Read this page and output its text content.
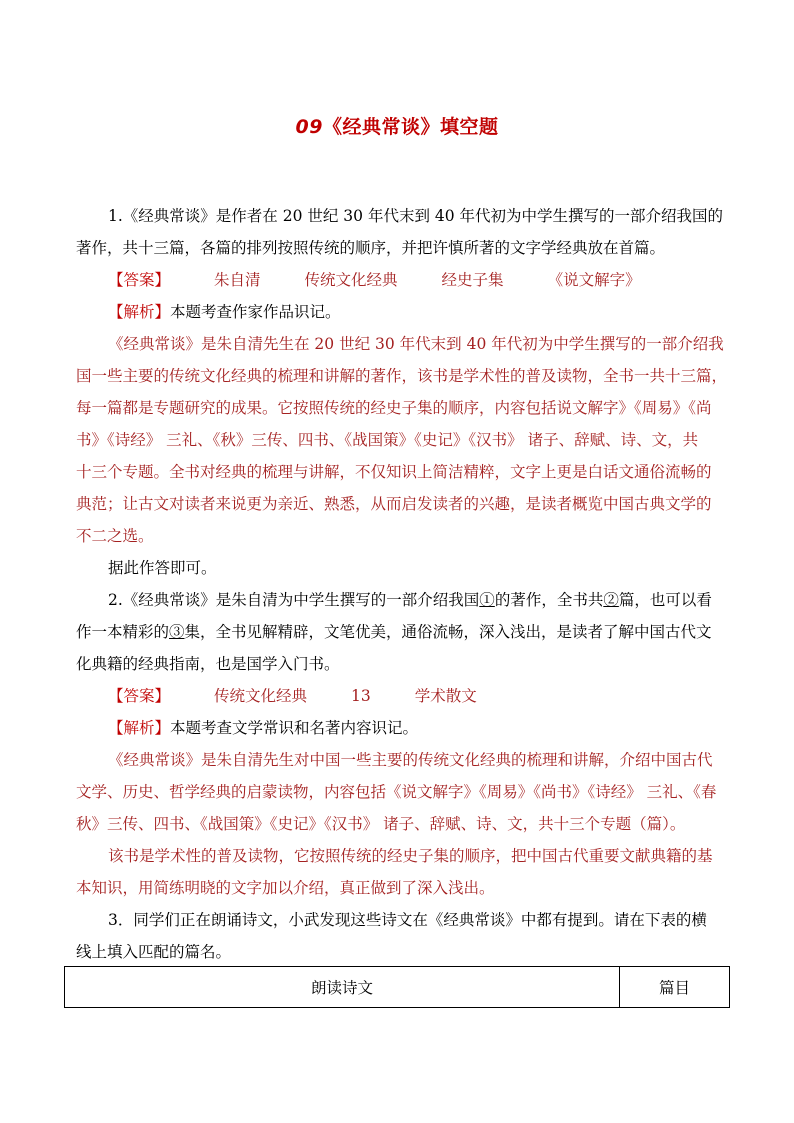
09《经典常谈》填空题
1.《经典常谈》是作者在 20 世纪 30 年代末到 40 年代初为中学生撰写的一部介绍我国的
著作，共十三篇，各篇的排列按照传统的顺序，并把许慎所著的文字学经典放在首篇。
【答案】	朱自清	传统文化经典	经史子集	《说文解字》
【解析】本题考查作家作品识记。
《经典常谈》是朱自清先生在 20 世纪 30 年代末到 40 年代初为中学生撰写的一部介绍我
国一些主要的传统文化经典的梳理和讲解的著作，该书是学术性的普及读物，全书一共十三篇，
每一篇都是专题研究的成果。它按照传统的经史子集的顺序，内容包括说文解字》《周易》《尚
书》《诗经》 三礼、《秋》三传、四书、《战国策》《史记》《汉书》 诸子、辞赋、诗、文，共
十三个专题。全书对经典的梳理与讲解，不仅知识上简洁精粹，文字上更是白话文通俗流畅的
典范；让古文对读者来说更为亲近、熟悉，从而启发读者的兴趣，是读者概览中国古典文学的
不二之选。
据此作答即可。
2.《经典常谈》是朱自清为中学生撰写的一部介绍我国①的著作，全书共②篇，也可以看
作一本精彩的③集，全书见解精辟，文笔优美，通俗流畅，深入浅出，是读者了解中国古代文
化典籍的经典指南，也是国学入门书。
【答案】	传统文化经典	13	学术散文
【解析】本题考查文学常识和名著内容识记。
《经典常谈》是朱自清先生对中国一些主要的传统文化经典的梳理和讲解，介绍中国古代
文学、历史、哲学经典的启蒙读物，内容包括《说文解字》《周易》《尚书》《诗经》 三礼、《春
秋》三传、四书、《战国策》《史记》《汉书》 诸子、辞赋、诗、文，共十三个专题（篇）。
该书是学术性的普及读物，它按照传统的经史子集的顺序，把中国古代重要文献典籍的基
本知识，用简练明晓的文字加以介绍，真正做到了深入浅出。
3．同学们正在朗诵诗文，小武发现这些诗文在《经典常谈》中都有提到。请在下表的横
线上填入匹配的篇名。
朗读诗文	篇目
